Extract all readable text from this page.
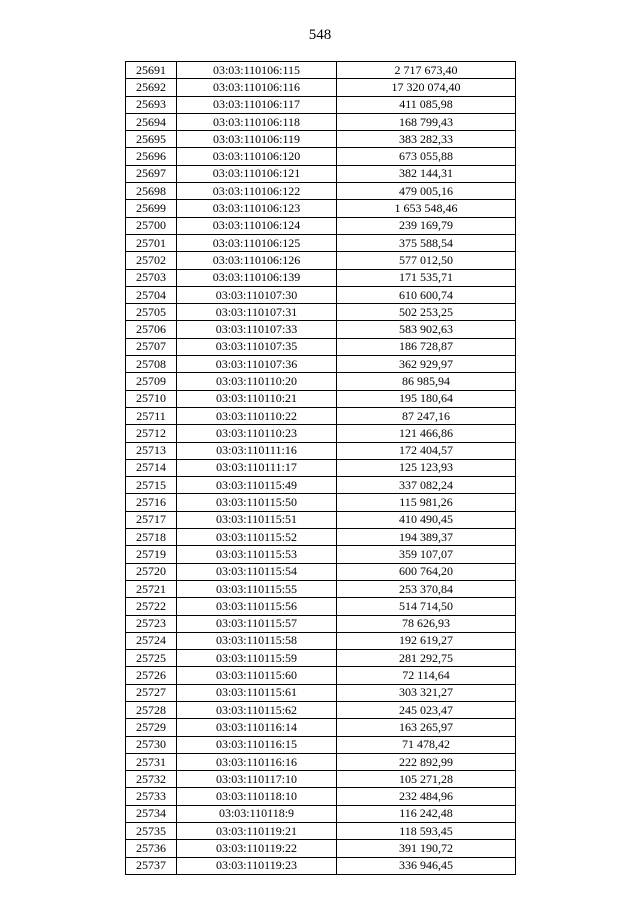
548
25691	03:03:110106:115	2 717 673,40
25692	03:03:110106:116	17 320 074,40
25693	03:03:110106:117	411 085,98
25694	03:03:110106:118	168 799,43
25695	03:03:110106:119	383 282,33
25696	03:03:110106:120	673 055,88
25697	03:03:110106:121	382 144,31
25698	03:03:110106:122	479 005,16
25699	03:03:110106:123	1 653 548,46
25700	03:03:110106:124	239 169,79
25701	03:03:110106:125	375 588,54
25702	03:03:110106:126	577 012,50
25703	03:03:110106:139	171 535,71
25704	03:03:110107:30	610 600,74
25705	03:03:110107:31	502 253,25
25706	03:03:110107:33	583 902,63
25707	03:03:110107:35	186 728,87
25708	03:03:110107:36	362 929,97
25709	03:03:110110:20	86 985,94
25710	03:03:110110:21	195 180,64
25711	03:03:110110:22	87 247,16
25712	03:03:110110:23	121 466,86
25713	03:03:110111:16	172 404,57
25714	03:03:110111:17	125 123,93
25715	03:03:110115:49	337 082,24
25716	03:03:110115:50	115 981,26
25717	03:03:110115:51	410 490,45
25718	03:03:110115:52	194 389,37
25719	03:03:110115:53	359 107,07
25720	03:03:110115:54	600 764,20
25721	03:03:110115:55	253 370,84
25722	03:03:110115:56	514 714,50
25723	03:03:110115:57	78 626,93
25724	03:03:110115:58	192 619,27
25725	03:03:110115:59	281 292,75
25726	03:03:110115:60	72 114,64
25727	03:03:110115:61	303 321,27
25728	03:03:110115:62	245 023,47
25729	03:03:110116:14	163 265,97
25730	03:03:110116:15	71 478,42
25731	03:03:110116:16	222 892,99
25732	03:03:110117:10	105 271,28
25733	03:03:110118:10	232 484,96
25734	03:03:110118:9	116 242,48
25735	03:03:110119:21	118 593,45
25736	03:03:110119:22	391 190,72
25737	03:03:110119:23	336 946,45
